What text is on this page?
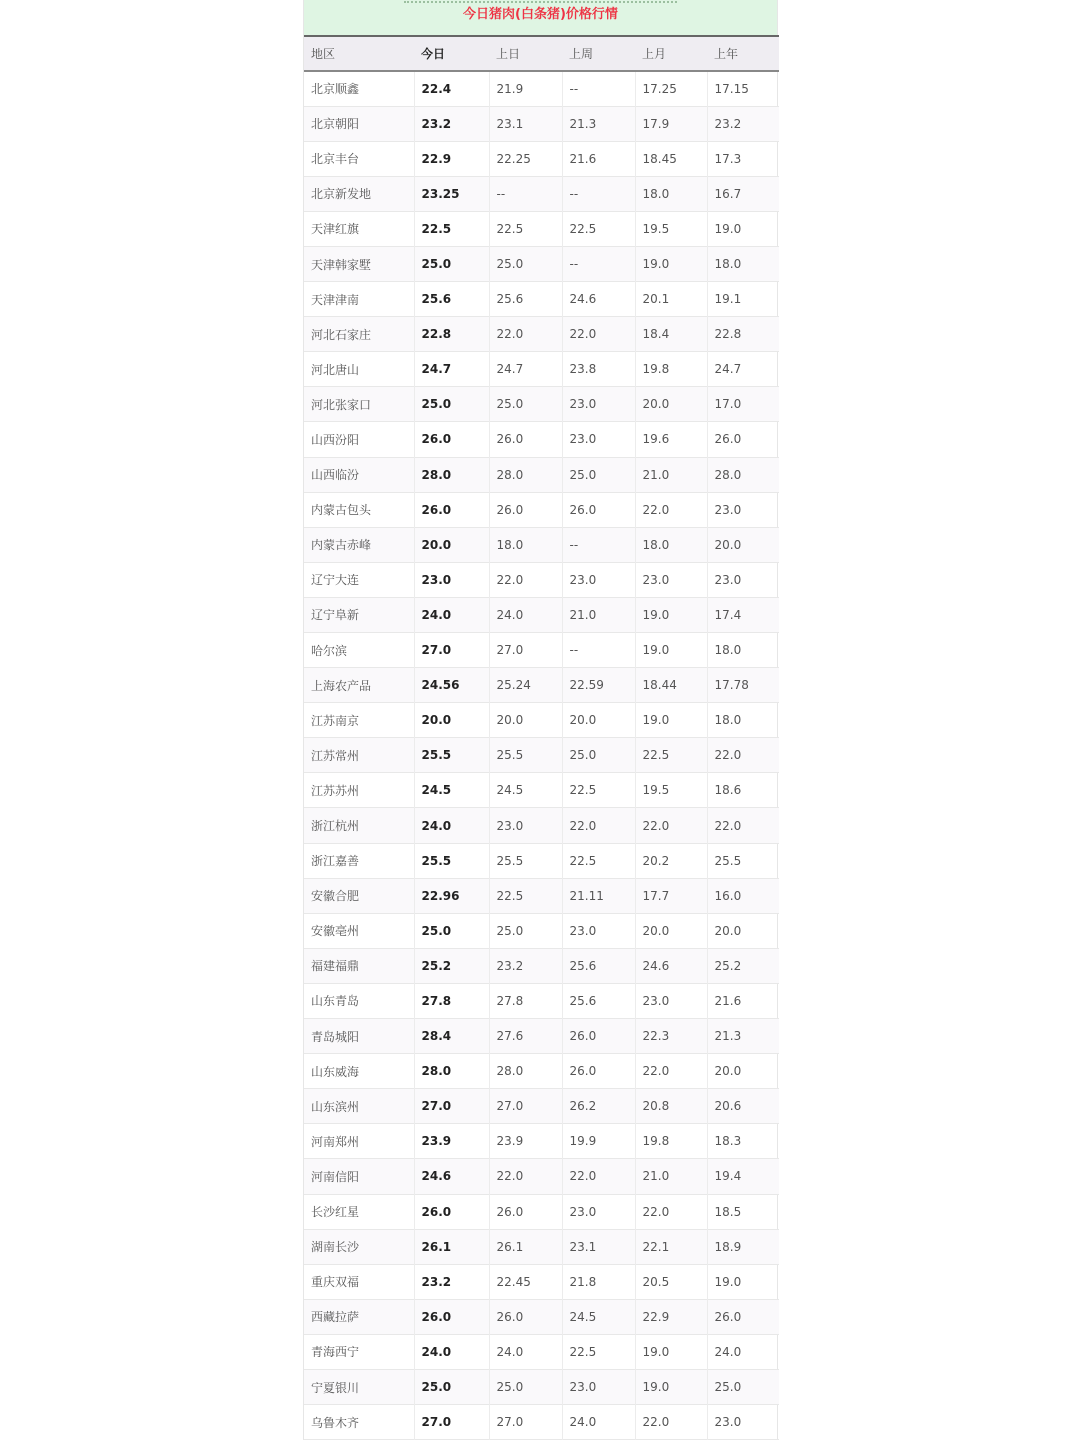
今日猪肉(白条猪)价格行情
地区	今日	上日	上周	上月	上年
北京顺鑫	22.4	21.9	--	17.25	17.15
北京朝阳	23.2	23.1	21.3	17.9	23.2
北京丰台	22.9	22.25	21.6	18.45	17.3
北京新发地	23.25	--	--	18.0	16.7
天津红旗	22.5	22.5	22.5	19.5	19.0
天津韩家墅	25.0	25.0	--	19.0	18.0
天津津南	25.6	25.6	24.6	20.1	19.1
河北石家庄	22.8	22.0	22.0	18.4	22.8
河北唐山	24.7	24.7	23.8	19.8	24.7
河北张家口	25.0	25.0	23.0	20.0	17.0
山西汾阳	26.0	26.0	23.0	19.6	26.0
山西临汾	28.0	28.0	25.0	21.0	28.0
内蒙古包头	26.0	26.0	26.0	22.0	23.0
内蒙古赤峰	20.0	18.0	--	18.0	20.0
辽宁大连	23.0	22.0	23.0	23.0	23.0
辽宁阜新	24.0	24.0	21.0	19.0	17.4
哈尔滨	27.0	27.0	--	19.0	18.0
上海农产品	24.56	25.24	22.59	18.44	17.78
江苏南京	20.0	20.0	20.0	19.0	18.0
江苏常州	25.5	25.5	25.0	22.5	22.0
江苏苏州	24.5	24.5	22.5	19.5	18.6
浙江杭州	24.0	23.0	22.0	22.0	22.0
浙江嘉善	25.5	25.5	22.5	20.2	25.5
安徽合肥	22.96	22.5	21.11	17.7	16.0
安徽亳州	25.0	25.0	23.0	20.0	20.0
福建福鼎	25.2	23.2	25.6	24.6	25.2
山东青岛	27.8	27.8	25.6	23.0	21.6
青岛城阳	28.4	27.6	26.0	22.3	21.3
山东威海	28.0	28.0	26.0	22.0	20.0
山东滨州	27.0	27.0	26.2	20.8	20.6
河南郑州	23.9	23.9	19.9	19.8	18.3
河南信阳	24.6	22.0	22.0	21.0	19.4
长沙红星	26.0	26.0	23.0	22.0	18.5
湖南长沙	26.1	26.1	23.1	22.1	18.9
重庆双福	23.2	22.45	21.8	20.5	19.0
西藏拉萨	26.0	26.0	24.5	22.9	26.0
青海西宁	24.0	24.0	22.5	19.0	24.0
宁夏银川	25.0	25.0	23.0	19.0	25.0
乌鲁木齐	27.0	27.0	24.0	22.0	23.0
